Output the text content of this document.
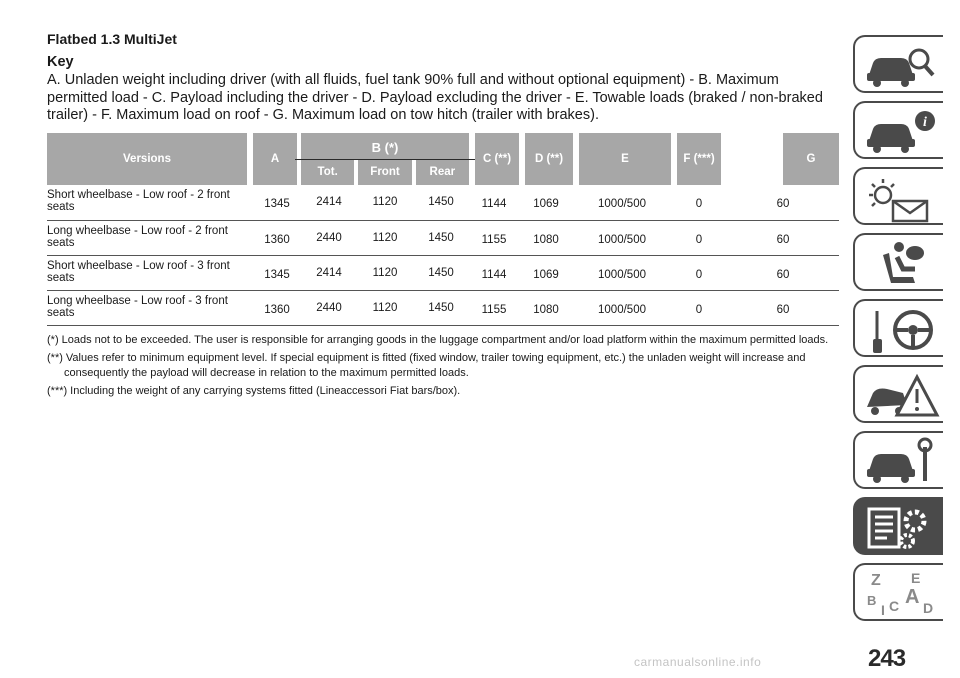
Flatbed 1.3 MultiJet
Key
A. Unladen weight including driver (with all fluids, fuel tank 90% full and without optional equipment) - B. Maximum permitted load - C. Payload including the driver - D. Payload excluding the driver - E. Towable loads (braked / non-braked trailer) - F. Maximum load on roof - G. Maximum load on tow hitch (trailer with brakes).
Versions		A		B (*)
Tot. Front Rear		C (**)		D (**)		E		F (***)			G
Short wheelbase - Low roof - 2 front seats		1345		2414 1120 1450	1144		1069		1000/500		0			60	
Long wheelbase - Low roof - 2 front seats		1360		2440 1120 1450	1155		1080		1000/500		0			60	
Short wheelbase - Low roof - 3 front seats		1345		2414 1120 1450	1144		1069		1000/500		0			60	
Long wheelbase - Low roof - 3 front seats		1360		2440 1120 1450	1155		1080		1000/500		0			60	
(*) Loads not to be exceeded. The user is responsible for arranging goods in the luggage compartment and/or load platform within the maximum permitted loads.
(**) Values refer to minimum equipment level. If special equipment is fitted (fixed window, trailer towing equipment, etc.) the unladen weight will increase and
consequently the payload will decrease in relation to the maximum permitted loads.
(***) Including the weight of any carrying systems fitted (Lineaccessori Fiat bars/box).
i
Z E
B A
I C D
243
carmanualsonline.info
